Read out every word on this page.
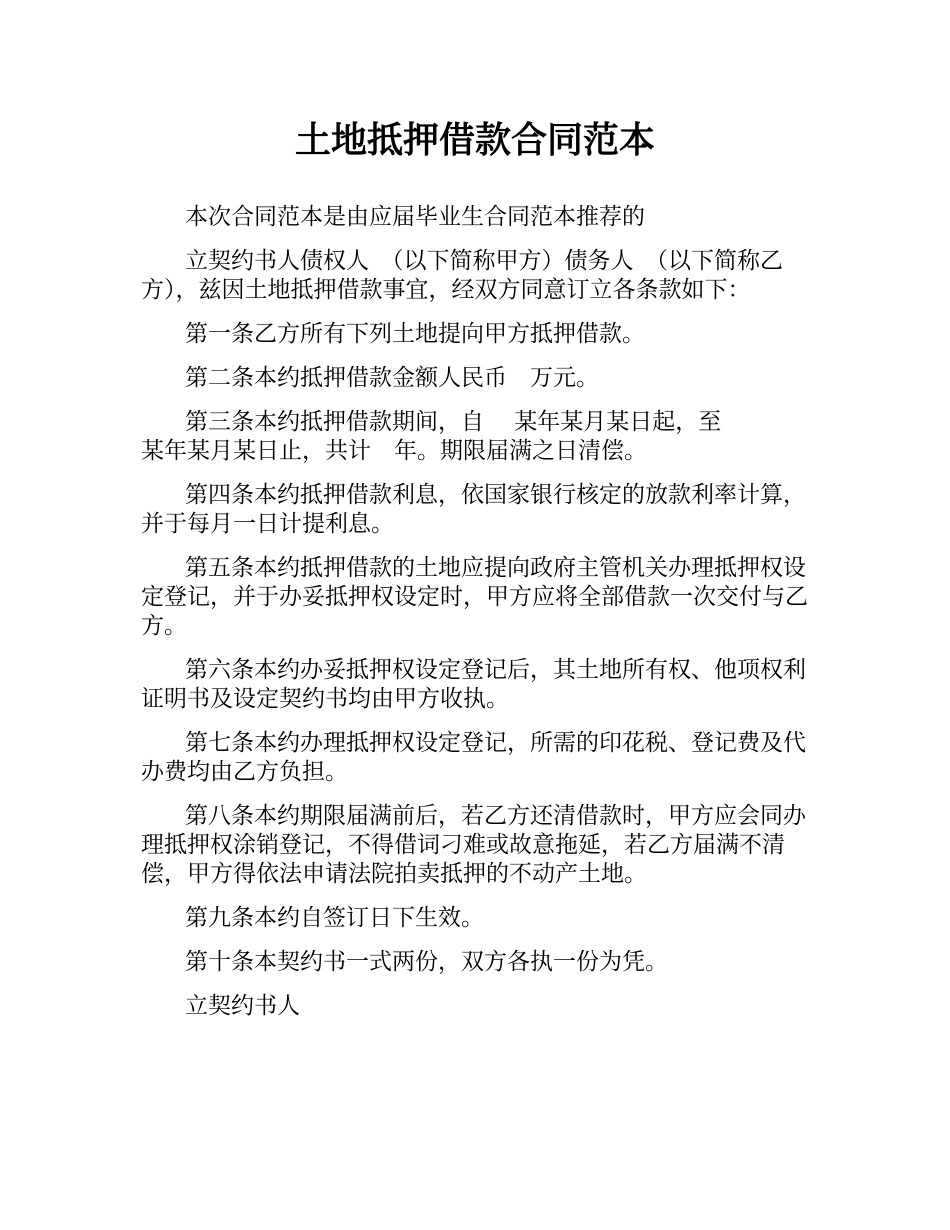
土地抵押借款合同范本

本次合同范本是由应届毕业生合同范本推荐的

立契约书人债权人　（以下简称甲方）债务人　（以下简称乙方），兹因土地抵押借款事宜，经双方同意订立各条款如下：

第一条乙方所有下列土地提向甲方抵押借款。

第二条本约抵押借款金额人民币　万元。

第三条本约抵押借款期间，自　 某年某月某日起，至　　　某年某月某日止，共计　年。期限届满之日清偿。

第四条本约抵押借款利息，依国家银行核定的放款利率计算，并于每月一日计提利息。

第五条本约抵押借款的土地应提向政府主管机关办理抵押权设定登记，并于办妥抵押权设定时，甲方应将全部借款一次交付与乙方。

第六条本约办妥抵押权设定登记后，其土地所有权、他项权利证明书及设定契约书均由甲方收执。

第七条本约办理抵押权设定登记，所需的印花税、登记费及代办费均由乙方负担。

第八条本约期限届满前后，若乙方还清借款时，甲方应会同办理抵押权涂销登记，不得借词刁难或故意拖延，若乙方届满不清偿，甲方得依法申请法院拍卖抵押的不动产土地。

第九条本约自签订日下生效。

第十条本契约书一式两份，双方各执一份为凭。

立契约书人
